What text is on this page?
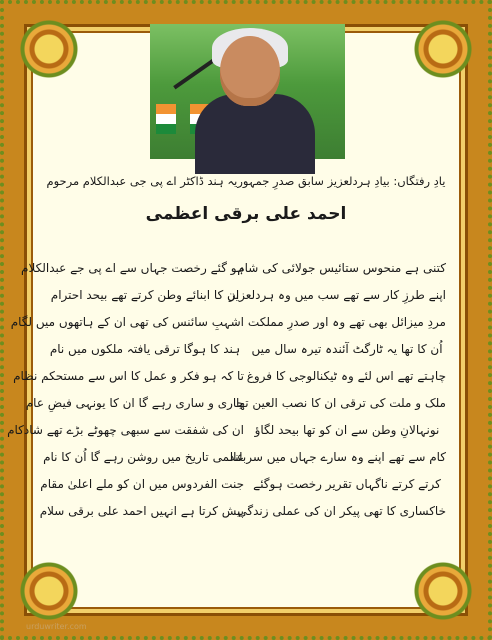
یادِ رفتگاں: بیادِ ہردلعزیز سابق صدرِ جمہوریہ ہند ڈاکٹر اے پی جی عبدالکلام مرحوم
احمد علی برقی اعظمی
کتنی ہے منحوس ستائیس جولائی کی شام
ہو گئے رخصت جہاں سے اے پی جے عبدالکلام
اپنے طرزِ کار سے تھے سب میں وہ ہردلعزیز
ان کا ابنائے وطن کرتے تھے بیحد احترام
مردِ میزائل بھی تھے وہ اور صدرِ مملکت
اشہبِ سائنس کی تھی ان کے ہاتھوں میں لگام
اُن کا تھا یہ ٹارگٹ آئندہ تیرہ سال میں
ہند کا ہوگا ترقی یافتہ ملکوں میں نام
چاہتے تھے اس لئے وہ ٹیکنالوجی کا فروغ
تا کہ ہو فکر و عمل کا اس سے مستحکم نظام
ملک و ملت کی ترقی ان کا نصب العین تھا
جاری و ساری رہے گا ان کا یونہی فیضِ عام
نونہالانِ وطن سے ان کو تھا بیحد لگاؤ
ان کی شفقت سے سبھی چھوٹے بڑے تھے شادکام
کام سے تھے اپنے وہ سارے جہاں میں سربلند
عالمی تاریخ میں روشن رہے گا اُن کا نام
کرتے کرتے ناگہاں تقریر رخصت ہوگئے
جنت الفردوس میں ان کو ملے اعلیٰ مقام
خاکساری کا تھی پیکر ان کی عملی زندگی
پیش کرتا ہے انہیں احمد علی برقی سلام
urduwriter.com
